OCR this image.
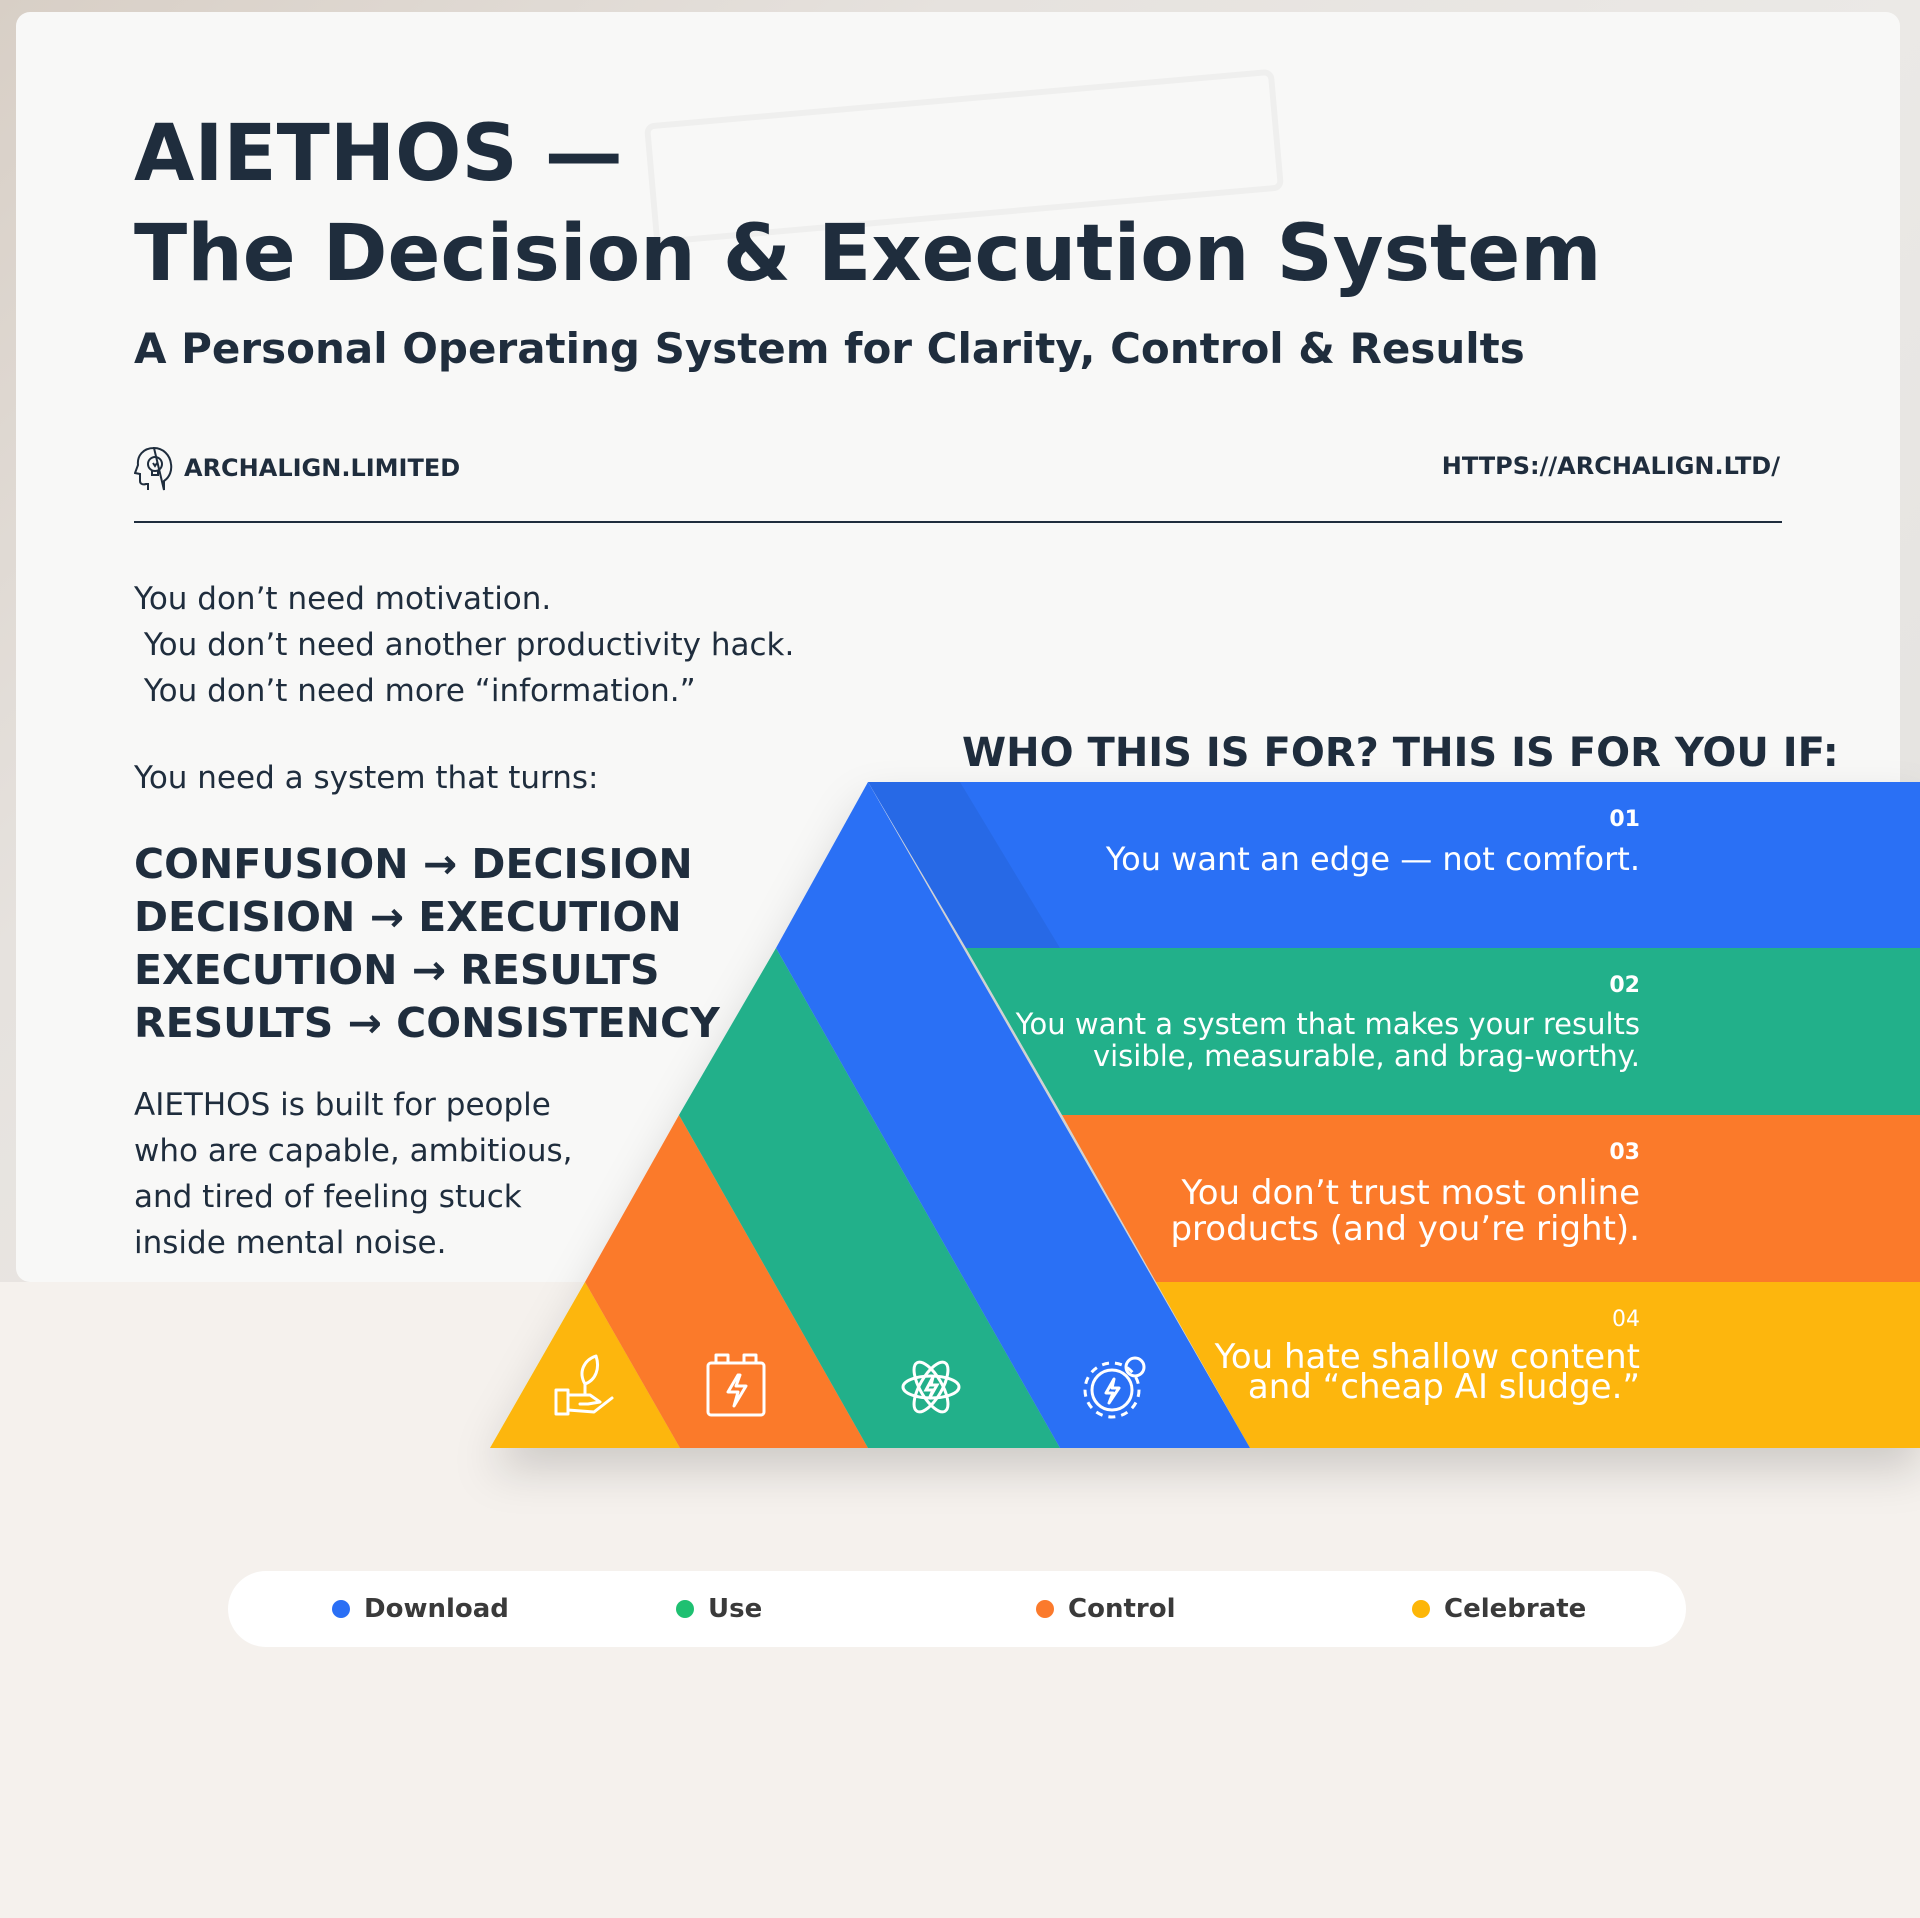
AIETHOS —
The Decision & Execution System
A Personal Operating System for Clarity, Control & Results
ARCHALIGN.LIMITED	HTTPS://ARCHALIGN.LTD/
You don’t need motivation.
You don’t need another productivity hack.
You don’t need more “information.”
You need a system that turns:
CONFUSION → DECISION
DECISION → EXECUTION
EXECUTION → RESULTS
RESULTS → CONSISTENCY
AIETHOS is built for people
who are capable, ambitious,
and tired of feeling stuck
inside mental noise.
WHO THIS IS FOR? THIS IS FOR YOU IF:
01
You want an edge — not comfort.
02
You want a system that makes your results
visible, measurable, and brag-worthy.
03
You don’t trust most online
products (and you’re right).
04
You hate shallow content
and “cheap AI sludge.”
Download	Use	Control	Celebrate
